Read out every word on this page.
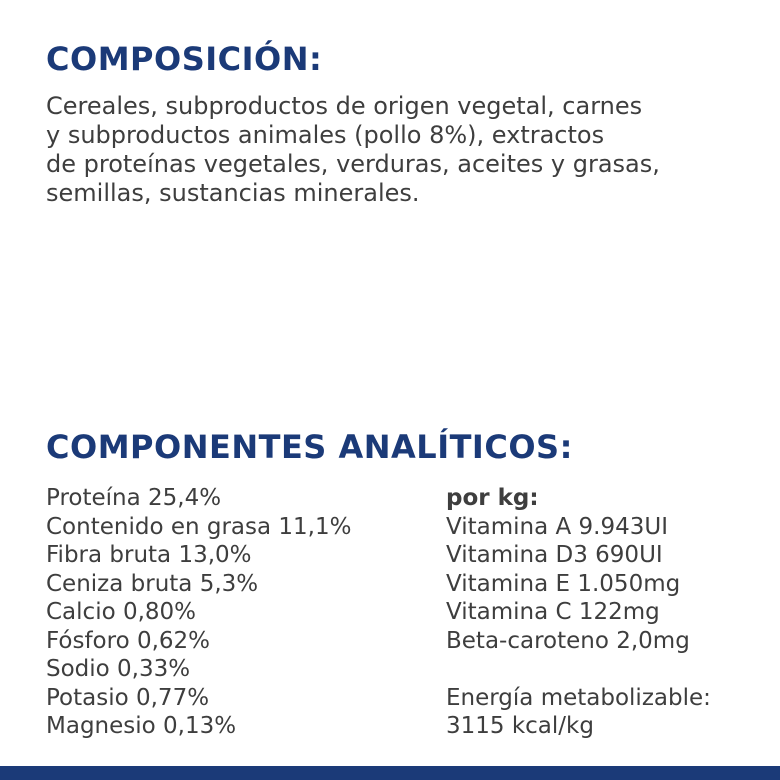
COMPOSICIÓN:
Cereales, subproductos de origen vegetal, carnes
y subproductos animales (pollo 8%), extractos
de proteínas vegetales, verduras, aceites y grasas,
semillas, sustancias minerales.
COMPONENTES ANALÍTICOS:
Proteína 25,4%
Contenido en grasa 11,1%
Fibra bruta 13,0%
Ceniza bruta 5,3%
Calcio 0,80%
Fósforo 0,62%
Sodio 0,33%
Potasio 0,77%
Magnesio 0,13%
por kg:
Vitamina A 9.943UI
Vitamina D3 690UI
Vitamina E 1.050mg
Vitamina C 122mg
Beta-caroteno 2,0mg
Energía metabolizable:
3115 kcal/kg
